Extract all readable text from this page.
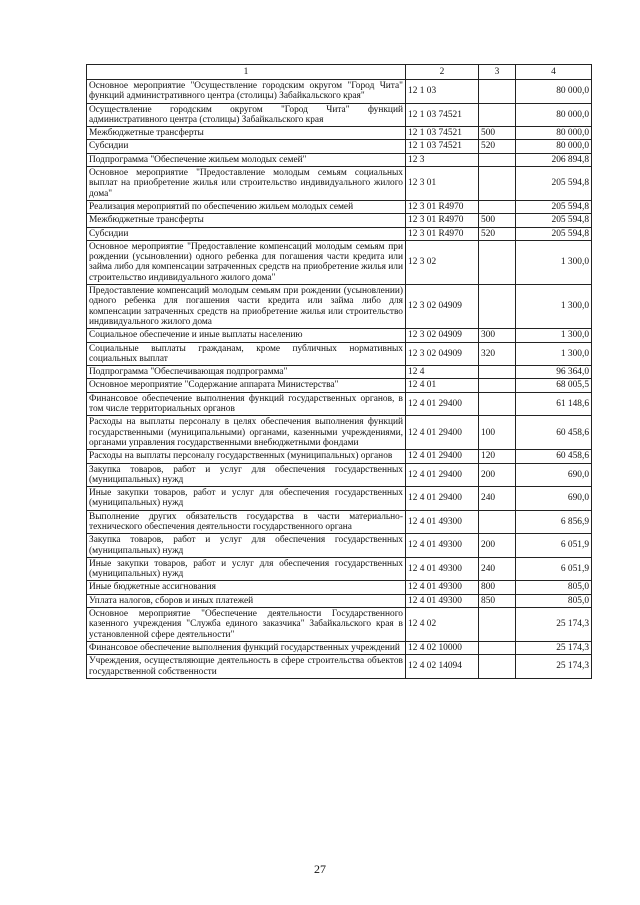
1	2	3	4
Основное мероприятие "Осуществление городским округом "Город Чита" функций административного центра (столицы) Забайкальского края"	12 1 03		80 000,0
Осуществление городским округом "Город Чита" функций административного центра (столицы) Забайкальского края	12 1 03 74521		80 000,0
Межбюджетные трансферты	12 1 03 74521	500	80 000,0
Субсидии	12 1 03 74521	520	80 000,0
Подпрограмма "Обеспечение жильем молодых семей"	12 3		206 894,8
Основное мероприятие "Предоставление молодым семьям социальных выплат на приобретение жилья или строительство индивидуального жилого дома"	12 3 01		205 594,8
Реализация мероприятий по обеспечению жильем молодых семей	12 3 01 R4970		205 594,8
Межбюджетные трансферты	12 3 01 R4970	500	205 594,8
Субсидии	12 3 01 R4970	520	205 594,8
Основное мероприятие "Предоставление компенсаций молодым семьям при рождении (усыновлении) одного ребенка для погашения части кредита или займа либо для компенсации затраченных средств на приобретение жилья или строительство индивидуального жилого дома"	12 3 02		1 300,0
Предоставление компенсаций молодым семьям при рождении (усыновлении) одного ребенка для погашения части кредита или займа либо для компенсации затраченных средств на приобретение жилья или строительство индивидуального жилого дома	12 3 02 04909		1 300,0
Социальное обеспечение и иные выплаты населению	12 3 02 04909	300	1 300,0
Социальные выплаты гражданам, кроме публичных нормативных социальных выплат	12 3 02 04909	320	1 300,0
Подпрограмма "Обеспечивающая подпрограмма"	12 4		96 364,0
Основное мероприятие "Содержание аппарата Министерства"	12 4 01		68 005,5
Финансовое обеспечение выполнения функций государственных органов, в том числе территориальных органов	12 4 01 29400		61 148,6
Расходы на выплаты персоналу в целях обеспечения выполнения функций государственными (муниципальными) органами, казенными учреждениями, органами управления государственными внебюджетными фондами	12 4 01 29400	100	60 458,6
Расходы на выплаты персоналу государственных (муниципальных) органов	12 4 01 29400	120	60 458,6
Закупка товаров, работ и услуг для обеспечения государственных (муниципальных) нужд	12 4 01 29400	200	690,0
Иные закупки товаров, работ и услуг для обеспечения государственных (муниципальных) нужд	12 4 01 29400	240	690,0
Выполнение других обязательств государства в части материально-технического обеспечения деятельности государственного органа	12 4 01 49300		6 856,9
Закупка товаров, работ и услуг для обеспечения государственных (муниципальных) нужд	12 4 01 49300	200	6 051,9
Иные закупки товаров, работ и услуг для обеспечения государственных (муниципальных) нужд	12 4 01 49300	240	6 051,9
Иные бюджетные ассигнования	12 4 01 49300	800	805,0
Уплата налогов, сборов и иных платежей	12 4 01 49300	850	805,0
Основное мероприятие "Обеспечение деятельности Государственного казенного учреждения "Служба единого заказчика" Забайкальского края в установленной сфере деятельности"	12 4 02		25 174,3
Финансовое обеспечение выполнения функций государственных учреждений	12 4 02 10000		25 174,3
Учреждения, осуществляющие деятельность в сфере строительства объектов государственной собственности	12 4 02 14094		25 174,3
27
